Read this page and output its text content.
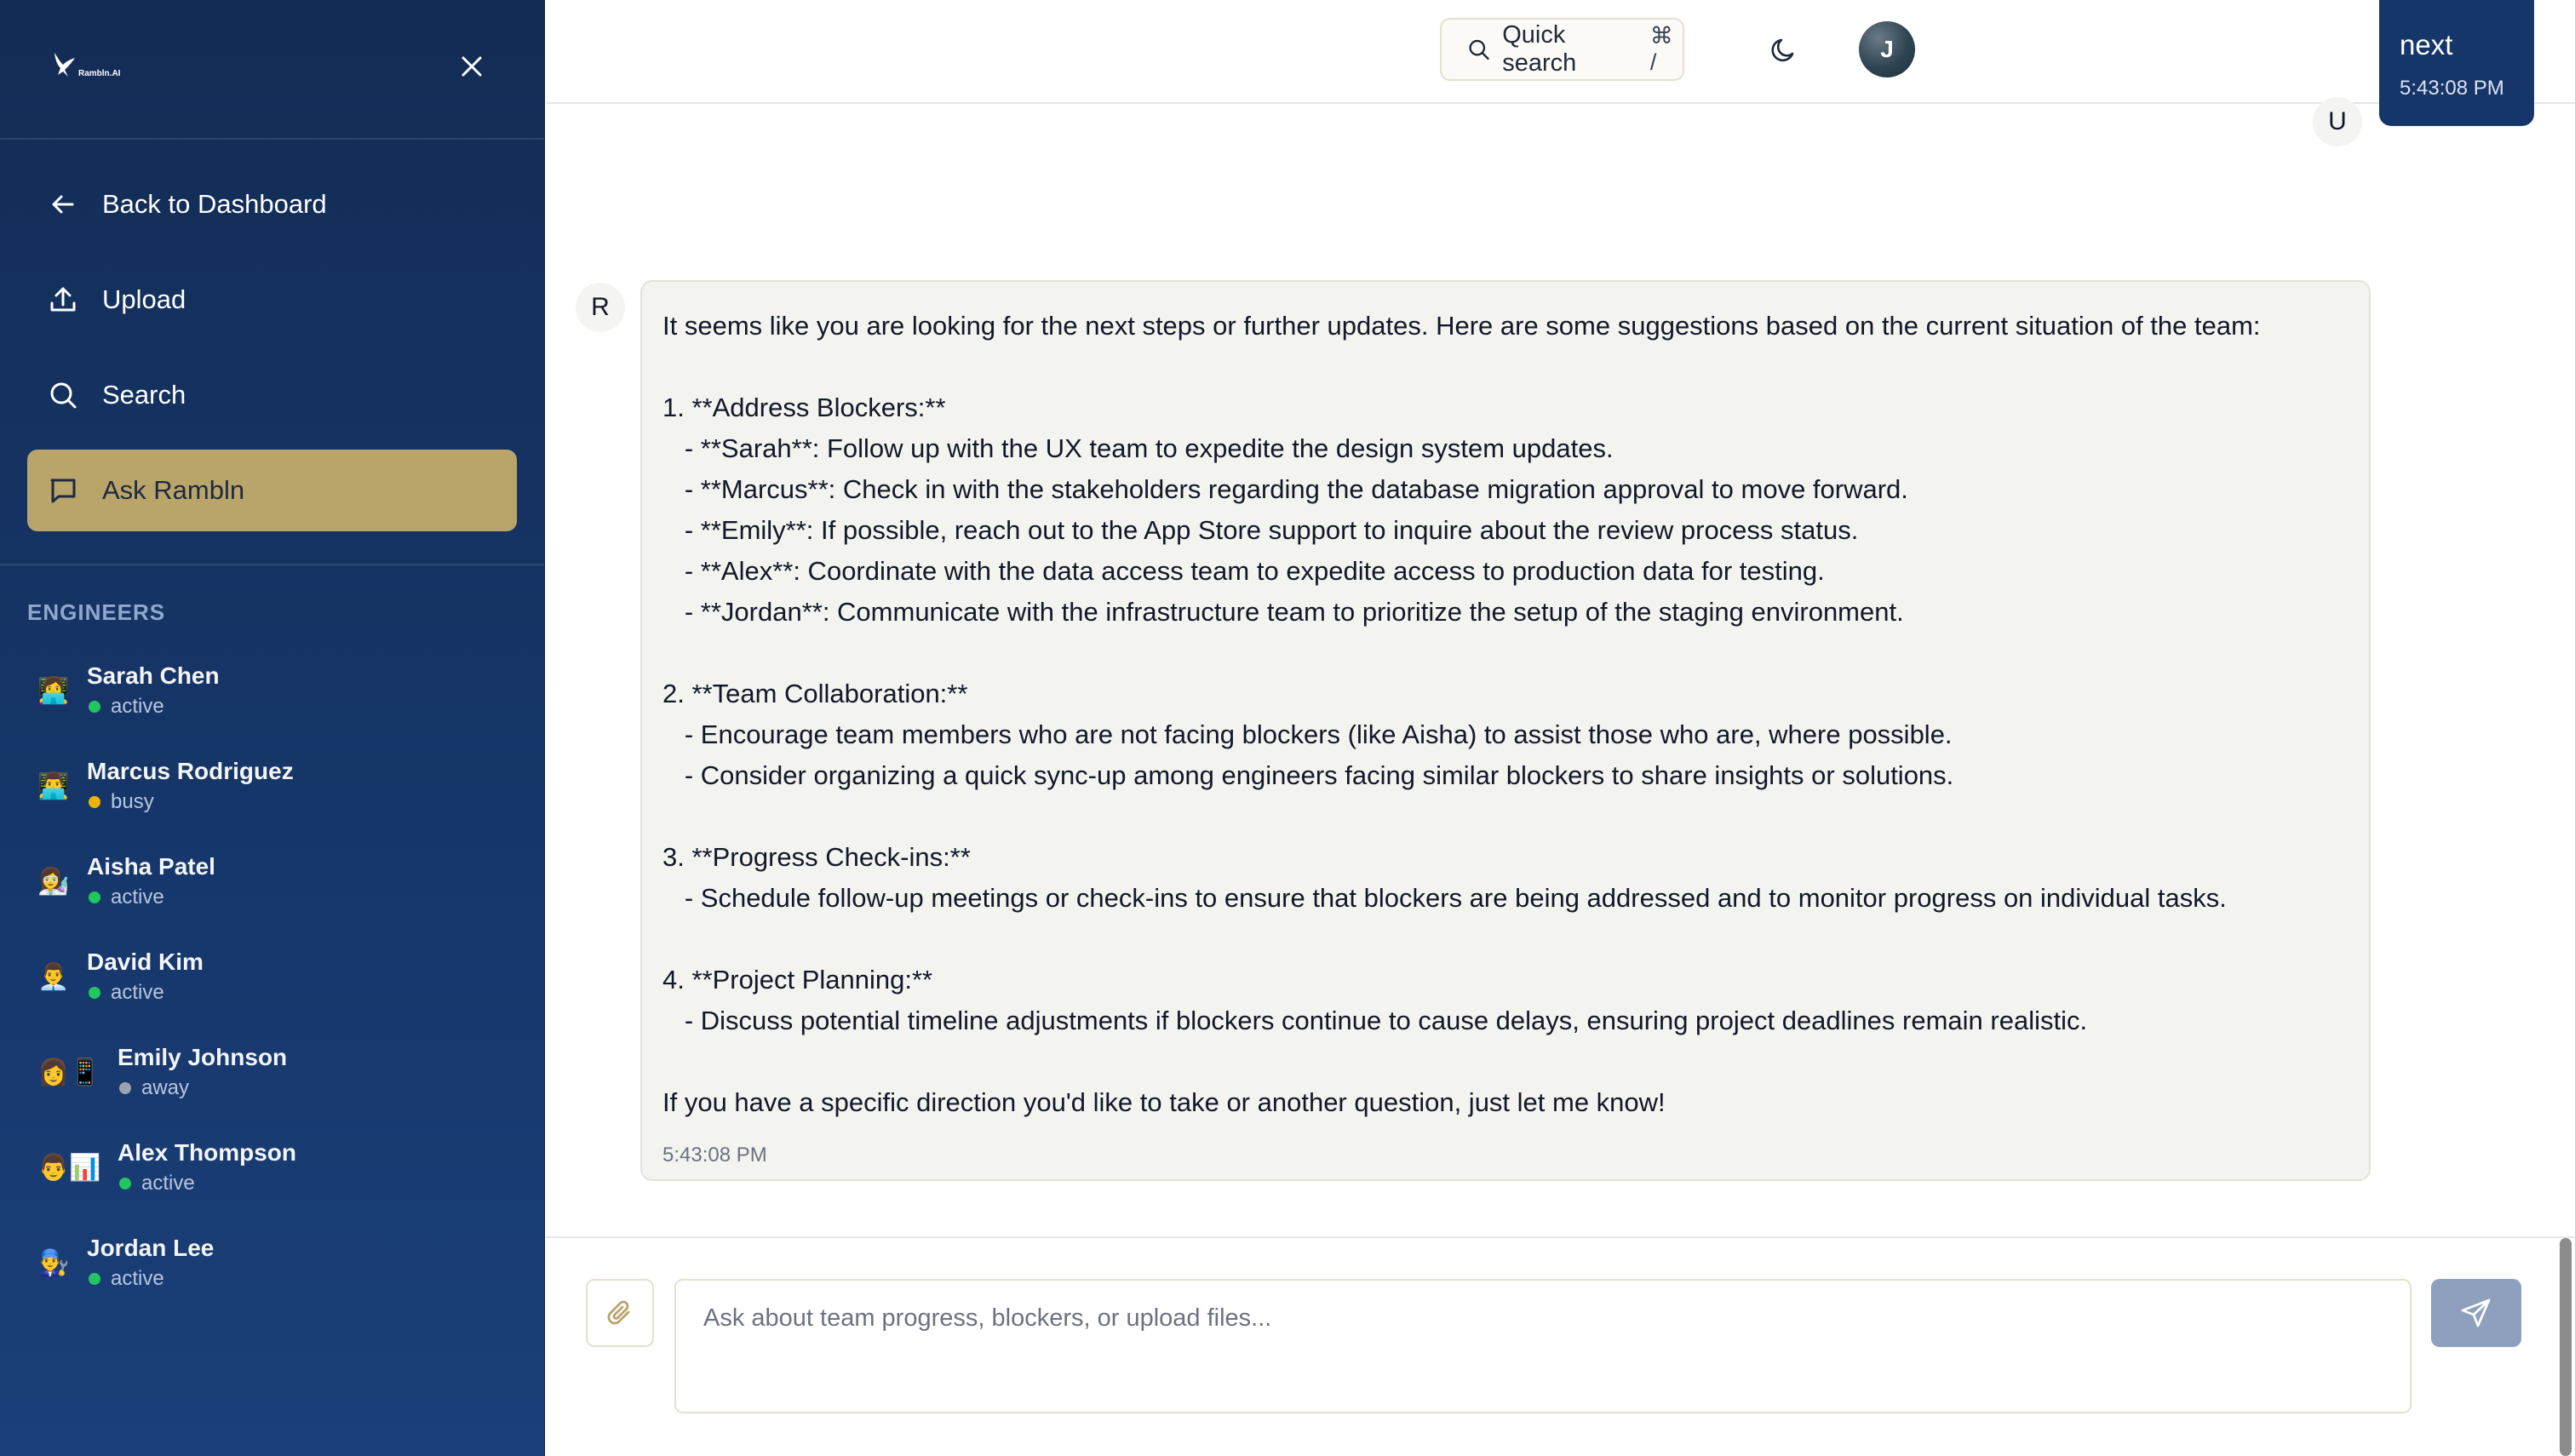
Rambln.AI
Back to Dashboard
Upload
Search
Ask Rambln
ENGINEERS
👩‍💻
Sarah Chen
active
👨‍💻
Marcus Rodriguez
busy
👩‍🔬
Aisha Patel
active
👨‍💼
David Kim
active
👩📱
Emily Johnson
away
👨📊
Alex Thompson
active
👨‍🔧
Jordan Lee
active
Quick search
⌘ /	J	next
5:43:08 PM
U
R
It seems like you are looking for the next steps or further updates. Here are some suggestions based on the current situation of the team:
1. **Address Blockers:**
- **Sarah**: Follow up with the UX team to expedite the design system updates.
- **Marcus**: Check in with the stakeholders regarding the database migration approval to move forward.
- **Emily**: If possible, reach out to the App Store support to inquire about the review process status.
- **Alex**: Coordinate with the data access team to expedite access to production data for testing.
- **Jordan**: Communicate with the infrastructure team to prioritize the setup of the staging environment.
2. **Team Collaboration:**
- Encourage team members who are not facing blockers (like Aisha) to assist those who are, where possible.
- Consider organizing a quick sync-up among engineers facing similar blockers to share insights or solutions.
3. **Progress Check-ins:**
- Schedule follow-up meetings or check-ins to ensure that blockers are being addressed and to monitor progress on individual tasks.
4. **Project Planning:**
- Discuss potential timeline adjustments if blockers continue to cause delays, ensuring project deadlines remain realistic.
If you have a specific direction you'd like to take or another question, just let me know!
5:43:08 PM
Ask about team progress, blockers, or upload files...
